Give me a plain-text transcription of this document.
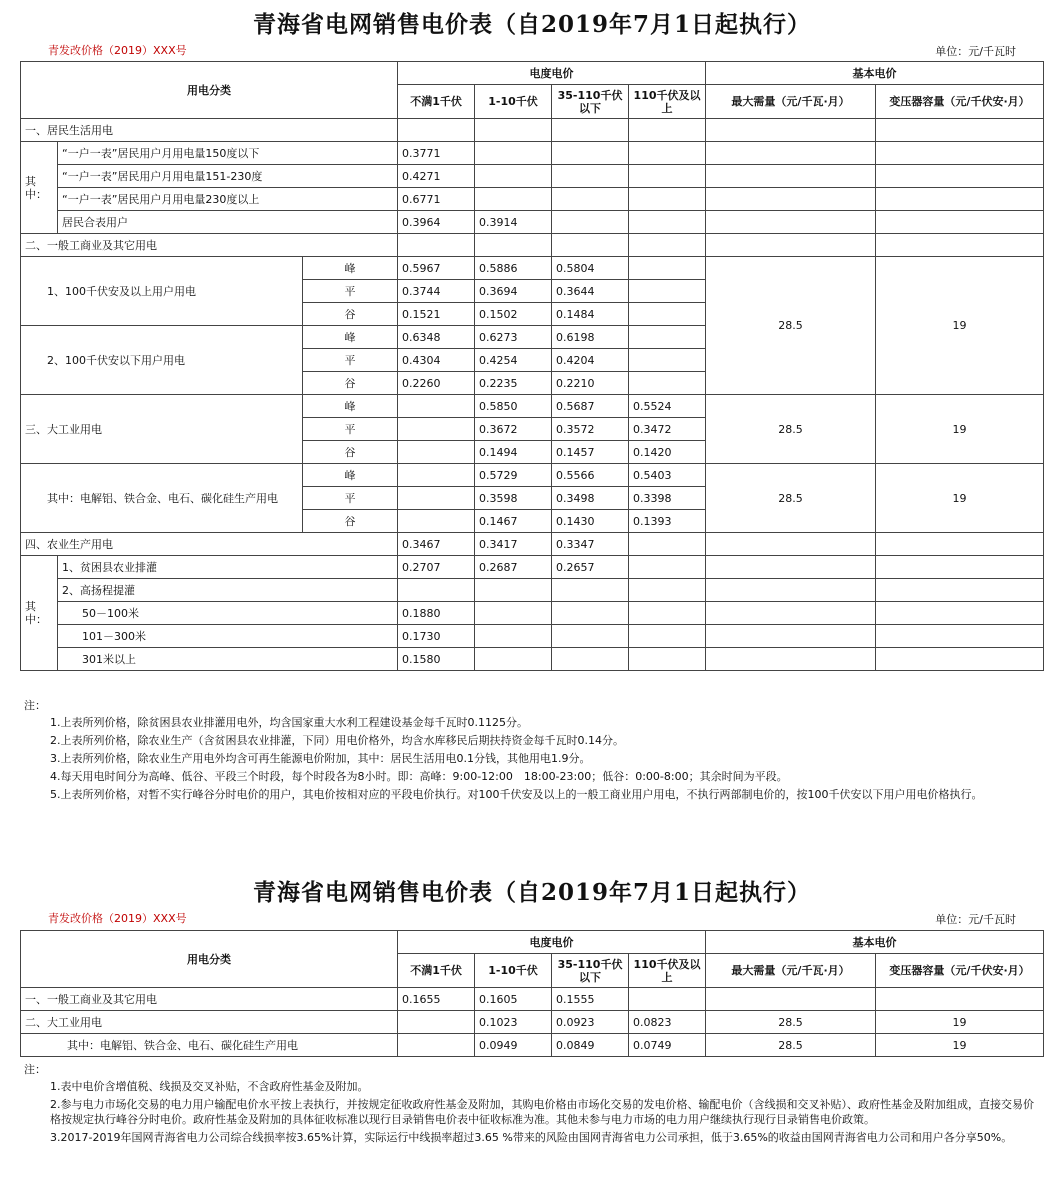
青海省电网销售电价表（自2019年7月1日起执行）
青发改价格（2019）XXX号	单位：元/千瓦时
用电分类			电度电价				基本电价	
			不满1千伏	1-10千伏	35-110千伏以下	110千伏及以上	最大需量（元/千瓦·月）	变压器容量（元/千伏安·月）
一、居民生活用电								
其中：	“一户一表”居民用户月用电量150度以下		0.3771					
	“一户一表”居民用户月用电量151-230度		0.4271					
	“一户一表”居民用户月用电量230度以上		0.6771					
	居民合表用户		0.3964	0.3914				
二、一般工商业及其它用电								
1、100千伏安及以上用户用电		峰	0.5967	0.5886	0.5804		28.5	19
		平	0.3744	0.3694	0.3644			
		谷	0.1521	0.1502	0.1484			
2、100千伏安以下用户用电		峰	0.6348	0.6273	0.6198			
		平	0.4304	0.4254	0.4204			
		谷	0.2260	0.2235	0.2210			
三、大工业用电		峰		0.5850	0.5687	0.5524	28.5	19
		平		0.3672	0.3572	0.3472		
		谷		0.1494	0.1457	0.1420		
其中：电解铝、铁合金、电石、碳化硅生产用电		峰		0.5729	0.5566	0.5403	28.5	19
		平		0.3598	0.3498	0.3398		
		谷		0.1467	0.1430	0.1393		
四、农业生产用电			0.3467	0.3417	0.3347			
其中：	1、贫困县农业排灌		0.2707	0.2687	0.2657			
	2、高扬程提灌							
	50－100米		0.1880					
	101－300米		0.1730					
	301米以上		0.1580					
注：

1.上表所列价格，除贫困县农业排灌用电外，均含国家重大水利工程建设基金每千瓦时0.1125分。

2.上表所列价格，除农业生产（含贫困县农业排灌，下同）用电价格外，均含水库移民后期扶持资金每千瓦时0.14分。

3.上表所列价格，除农业生产用电外均含可再生能源电价附加，其中：居民生活用电0.1分钱，其他用电1.9分。

4.每天用电时间分为高峰、低谷、平段三个时段，每个时段各为8小时。即：高峰：9:00-12:00　18:00-23:00；低谷：0:00-8:00；其余时间为平段。

5.上表所列价格，对暂不实行峰谷分时电价的用户，其电价按相对应的平段电价执行。对100千伏安及以上的一般工商业用户用电，不执行两部制电价的，按100千伏安以下用户用电价格执行。

青海省电网销售电价表（自2019年7月1日起执行）
青发改价格（2019）XXX号	单位：元/千瓦时
用电分类	电度电价				基本电价	
	不满1千伏	1-10千伏	35-110千伏以下	110千伏及以上	最大需量（元/千瓦·月）	变压器容量（元/千伏安·月）
一、一般工商业及其它用电	0.1655	0.1605	0.1555			
二、大工业用电		0.1023	0.0923	0.0823	28.5	19
其中：电解铝、铁合金、电石、碳化硅生产用电		0.0949	0.0849	0.0749	28.5	19
注：

1.表中电价含增值税、线损及交叉补贴，不含政府性基金及附加。

2.参与电力市场化交易的电力用户输配电价水平按上表执行，并按规定征收政府性基金及附加，其购电价格由市场化交易的发电价格、输配电价（含线损和交叉补贴）、政府性基金及附加组成，直接交易价格按规定执行峰谷分时电价。政府性基金及附加的具体征收标准以现行目录销售电价表中征收标准为准。其他未参与电力市场的电力用户继续执行现行目录销售电价政策。

3.2017-2019年国网青海省电力公司综合线损率按3.65%计算，实际运行中线损率超过3.65 %带来的风险由国网青海省电力公司承担，低于3.65%的收益由国网青海省电力公司和用户各分享50%。
